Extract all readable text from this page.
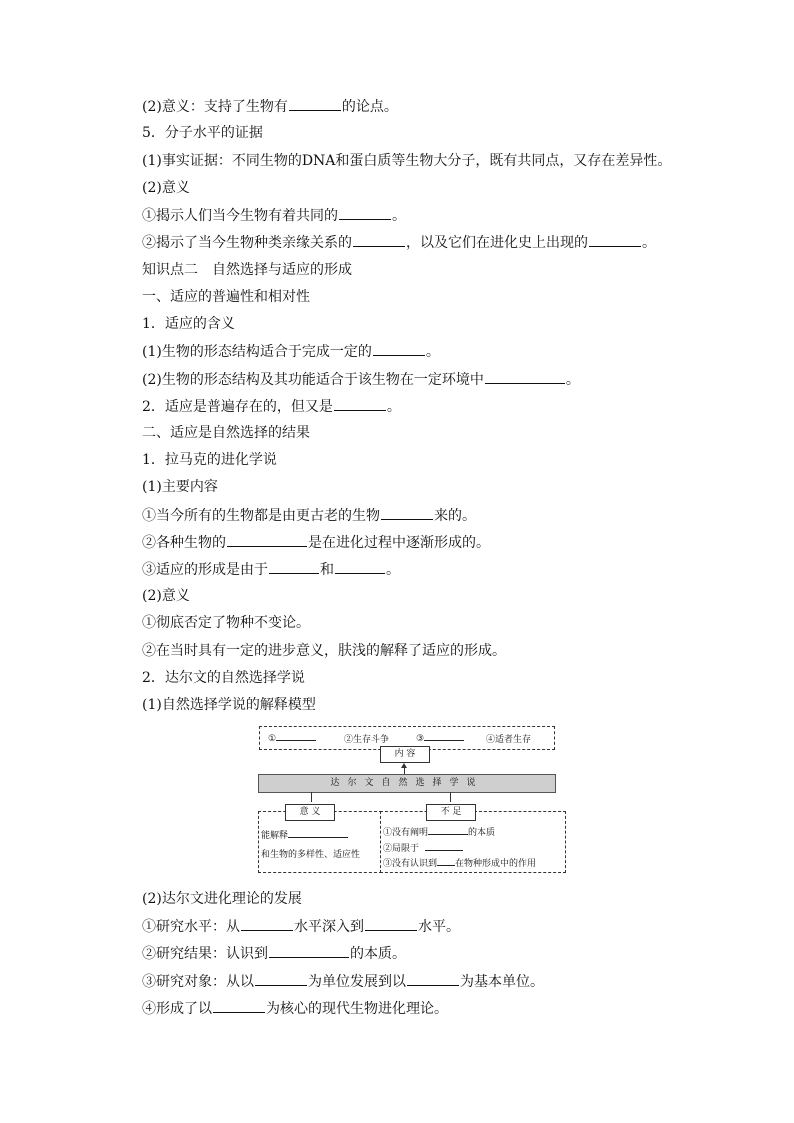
(2)意义：支持了生物有	的论点。
5．分子水平的证据
(1)事实证据：不同生物的DNA和蛋白质等生物大分子，既有共同点，又存在差异性。
(2)意义
①揭示人们当今生物有着共同的	。
②揭示了当今生物种类亲缘关系的	，以及它们在进化史上出现的	。
知识点二　自然选择与适应的形成
一、适应的普遍性和相对性
1．适应的含义
(1)生物的形态结构适合于完成一定的	。
(2)生物的形态结构及其功能适合于该生物在一定环境中	。
2．适应是普遍存在的，但又是	。
二、适应是自然选择的结果
1．拉马克的进化学说
(1)主要内容
①当今所有的生物都是由更古老的生物	来的。
②各种生物的	是在进化过程中逐渐形成的。
③适应的形成是由于	和	。
(2)意义
①彻底否定了物种不变论。
②在当时具有一定的进步意义，肤浅的解释了适应的形成。
2．达尔文的自然选择学说
(1)自然选择学说的解释模型
①	②生存斗争	③	④适者生存
内 容
达尔文自然选择学说
能解释
和生物的多样性、适应性
意 义
①没有阐明	的本质
②局限于
③没有认识到 在物种形成中的作用
不 足
(2)达尔文进化理论的发展
①研究水平：从	水平深入到	水平。
②研究结果：认识到	的本质。
③研究对象：从以	为单位发展到以	为基本单位。
④形成了以	为核心的现代生物进化理论。
